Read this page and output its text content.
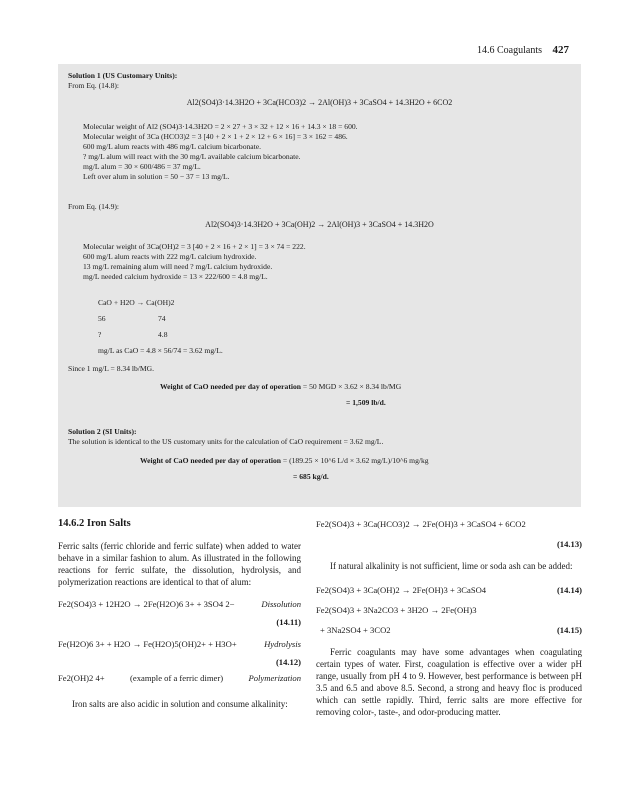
14.6 Coagulants 427
Solution 1 (US Customary Units):
From Eq. (14.8):
Al2(SO4)3·14.3H2O + 3Ca(HCO3)2 → 2Al(OH)3 + 3CaSO4 + 14.3H2O + 6CO2
Molecular weight of Al2 (SO4)3·14.3H2O = 2 × 27 + 3 × 32 + 12 × 16 + 14.3 × 18 = 600.
Molecular weight of 3Ca (HCO3)2 = 3 [40 + 2 × 1 + 2 × 12 + 6 × 16] = 3 × 162 = 486.
600 mg/L alum reacts with 486 mg/L calcium bicarbonate.
? mg/L alum will react with the 30 mg/L available calcium bicarbonate.
mg/L alum = 30 × 600/486 = 37 mg/L.
Left over alum in solution = 50 − 37 = 13 mg/L.
From Eq. (14.9):
Al2(SO4)3·14.3H2O + 3Ca(OH)2 → 2Al(OH)3 + 3CaSO4 + 14.3H2O
Molecular weight of 3Ca(OH)2 = 3 [40 + 2 × 16 + 2 × 1] = 3 × 74 = 222.
600 mg/L alum reacts with 222 mg/L calcium hydroxide.
13 mg/L remaining alum will need ? mg/L calcium hydroxide.
mg/L needed calcium hydroxide = 13 × 222/600 = 4.8 mg/L.
CaO + H2O → Ca(OH)2
56	74
?	4.8
mg/L as CaO = 4.8 × 56/74 = 3.62 mg/L.
Since 1 mg/L = 8.34 lb/MG.
Weight of CaO needed per day of operation = 50 MGD × 3.62 × 8.34 lb/MG
= 1,509 lb/d.
Solution 2 (SI Units):
The solution is identical to the US customary units for the calculation of CaO requirement = 3.62 mg/L.
Weight of CaO needed per day of operation = (189.25 × 10^6 L/d × 3.62 mg/L)/10^6 mg/kg
= 685 kg/d.
14.6.2 Iron Salts
Ferric salts (ferric chloride and ferric sulfate) when added to water behave in a similar fashion to alum. As illustrated in the following reactions for ferric sulfate, the dissolution, hydrolysis, and polymerization reactions are identical to that of alum:
Fe2(SO4)3 + 12H2O → 2Fe(H2O)6 3+ + 3SO4 2−	Dissolution
(14.11)
Fe(H2O)6 3+ + H2O → Fe(H2O)5(OH)2+ + H3O+	Hydrolysis
(14.12)
Fe2(OH)2 4+	(example of a ferric dimer)	Polymerization
Iron salts are also acidic in solution and consume alkalinity:
Fe2(SO4)3 + 3Ca(HCO3)2 → 2Fe(OH)3 + 3CaSO4 + 6CO2
(14.13)
If natural alkalinity is not sufficient, lime or soda ash can be added:
Fe2(SO4)3 + 3Ca(OH)2 → 2Fe(OH)3 + 3CaSO4	(14.14)
Fe2(SO4)3 + 3Na2CO3 + 3H2O → 2Fe(OH)3
+ 3Na2SO4 + 3CO2	(14.15)
Ferric coagulants may have some advantages when coagulating certain types of water. First, coagulation is effective over a wider pH range, usually from pH 4 to 9. However, best performance is between pH 3.5 and 6.5 and above 8.5. Second, a strong and heavy floc is produced which can settle rapidly. Third, ferric salts are more effective for removing color-, taste-, and odor-producing matter.
